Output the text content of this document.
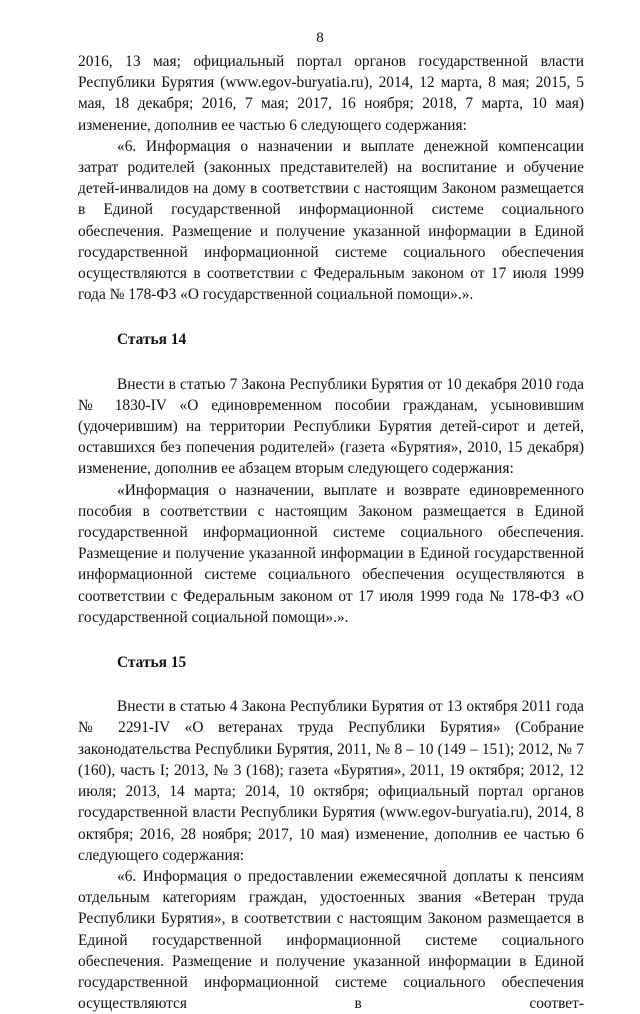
8

2016, 13 мая; официальный портал органов государственной власти Республики Бурятия (www.egov-buryatia.ru), 2014, 12 марта, 8 мая; 2015, 5 мая, 18 декабря; 2016, 7 мая; 2017, 16 ноября; 2018, 7 марта, 10 мая) изменение, дополнив ее частью 6 следующего содержания:

«6. Информация о назначении и выплате денежной компенсации затрат родителей (законных представителей) на воспитание и обучение детей-инвалидов на дому в соответствии с настоящим Законом размещается в Единой государственной информационной системе социального обеспечения. Размещение и получение указанной информации в Единой государственной информационной системе социального обеспечения осуществляются в соответствии с Федеральным законом от 17 июля 1999 года № 178-ФЗ «О государственной социальной помощи».».

Статья 14

Внести в статью 7 Закона Республики Бурятия от 10 декабря 2010 года № 1830-IV «О единовременном пособии гражданам, усыновившим (удочерившим) на территории Республики Бурятия детей-сирот и детей, оставшихся без попечения родителей» (газета «Бурятия», 2010, 15 декабря) изменение, дополнив ее абзацем вторым следующего содержания:

«Информация о назначении, выплате и возврате единовременного пособия в соответствии с настоящим Законом размещается в Единой государственной информационной системе социального обеспечения. Размещение и получение указанной информации в Единой государственной информационной системе социального обеспечения осуществляются в соответствии с Федеральным законом от 17 июля 1999 года № 178-ФЗ «О государственной социальной помощи».».

Статья 15

Внести в статью 4 Закона Республики Бурятия от 13 октября 2011 года № 2291-IV «О ветеранах труда Республики Бурятия» (Собрание законодательства Республики Бурятия, 2011, № 8 – 10 (149 – 151); 2012, № 7 (160), часть I; 2013, № 3 (168); газета «Бурятия», 2011, 19 октября; 2012, 12 июля; 2013, 14 марта; 2014, 10 октября; официальный портал органов государственной власти Республики Бурятия (www.egov-buryatia.ru), 2014, 8 октября; 2016, 28 ноября; 2017, 10 мая) изменение, дополнив ее частью 6 следующего содержания:

«6. Информация о предоставлении ежемесячной доплаты к пенсиям отдельным категориям граждан, удостоенных звания «Ветеран труда Республики Бурятия», в соответствии с настоящим Законом размещается в Единой государственной информационной системе социального обеспечения. Размещение и получение указанной информации в Единой государственной информационной системе социального обеспечения осуществляются в соответ-
